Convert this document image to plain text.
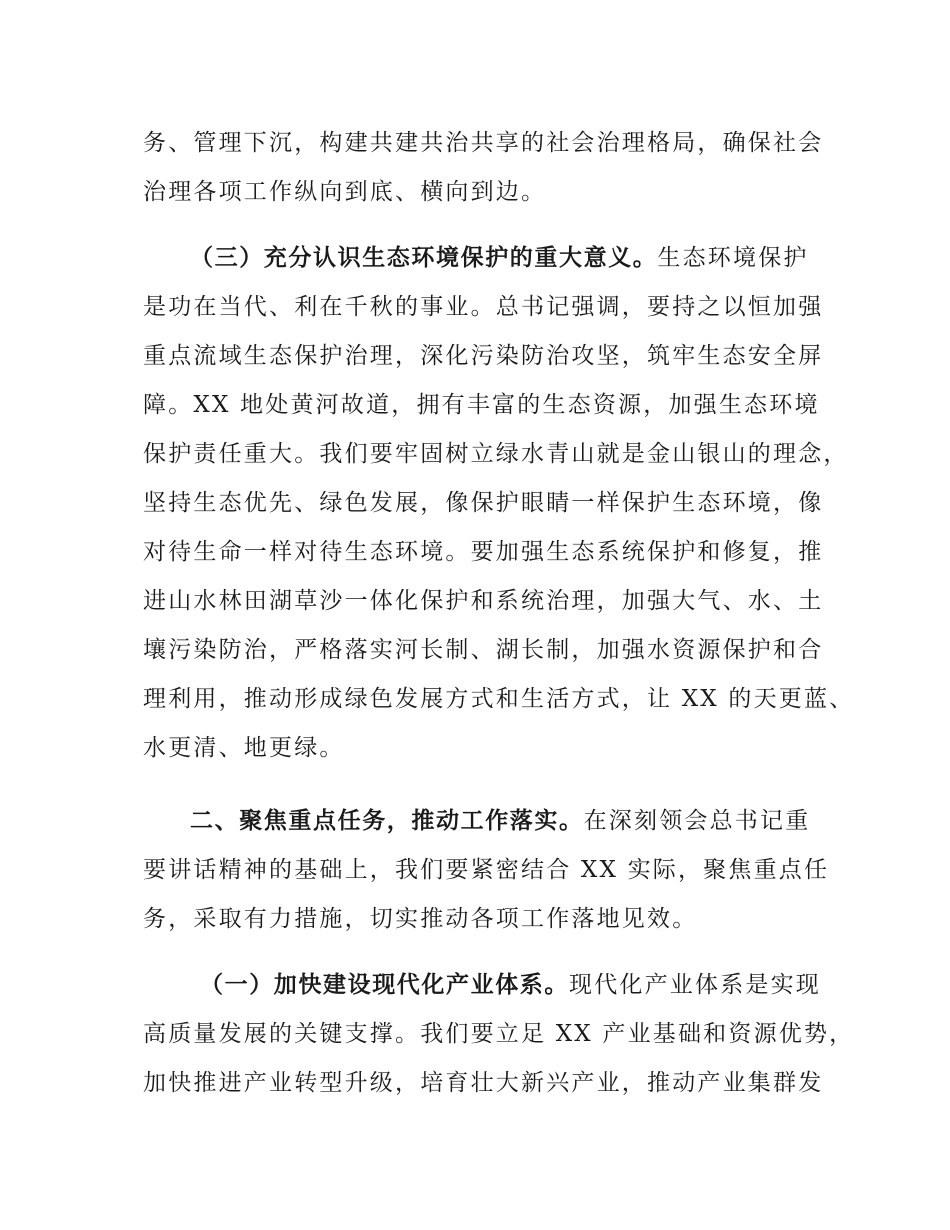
务、管理下沉，构建共建共治共享的社会治理格局，确保社会
治理各项工作纵向到底、横向到边。
（三）充分认识生态环境保护的重大意义。生态环境保护
是功在当代、利在千秋的事业。总书记强调，要持之以恒加强
重点流域生态保护治理，深化污染防治攻坚，筑牢生态安全屏
障。XX 地处黄河故道，拥有丰富的生态资源，加强生态环境
保护责任重大。我们要牢固树立绿水青山就是金山银山的理念，
坚持生态优先、绿色发展，像保护眼睛一样保护生态环境，像
对待生命一样对待生态环境。要加强生态系统保护和修复，推
进山水林田湖草沙一体化保护和系统治理，加强大气、水、土
壤污染防治，严格落实河长制、湖长制，加强水资源保护和合
理利用，推动形成绿色发展方式和生活方式，让 XX 的天更蓝、
水更清、地更绿。
二、聚焦重点任务，推动工作落实。在深刻领会总书记重
要讲话精神的基础上，我们要紧密结合 XX 实际，聚焦重点任
务，采取有力措施，切实推动各项工作落地见效。
（一）加快建设现代化产业体系。现代化产业体系是实现
高质量发展的关键支撑。我们要立足 XX 产业基础和资源优势，
加快推进产业转型升级，培育壮大新兴产业，推动产业集群发
